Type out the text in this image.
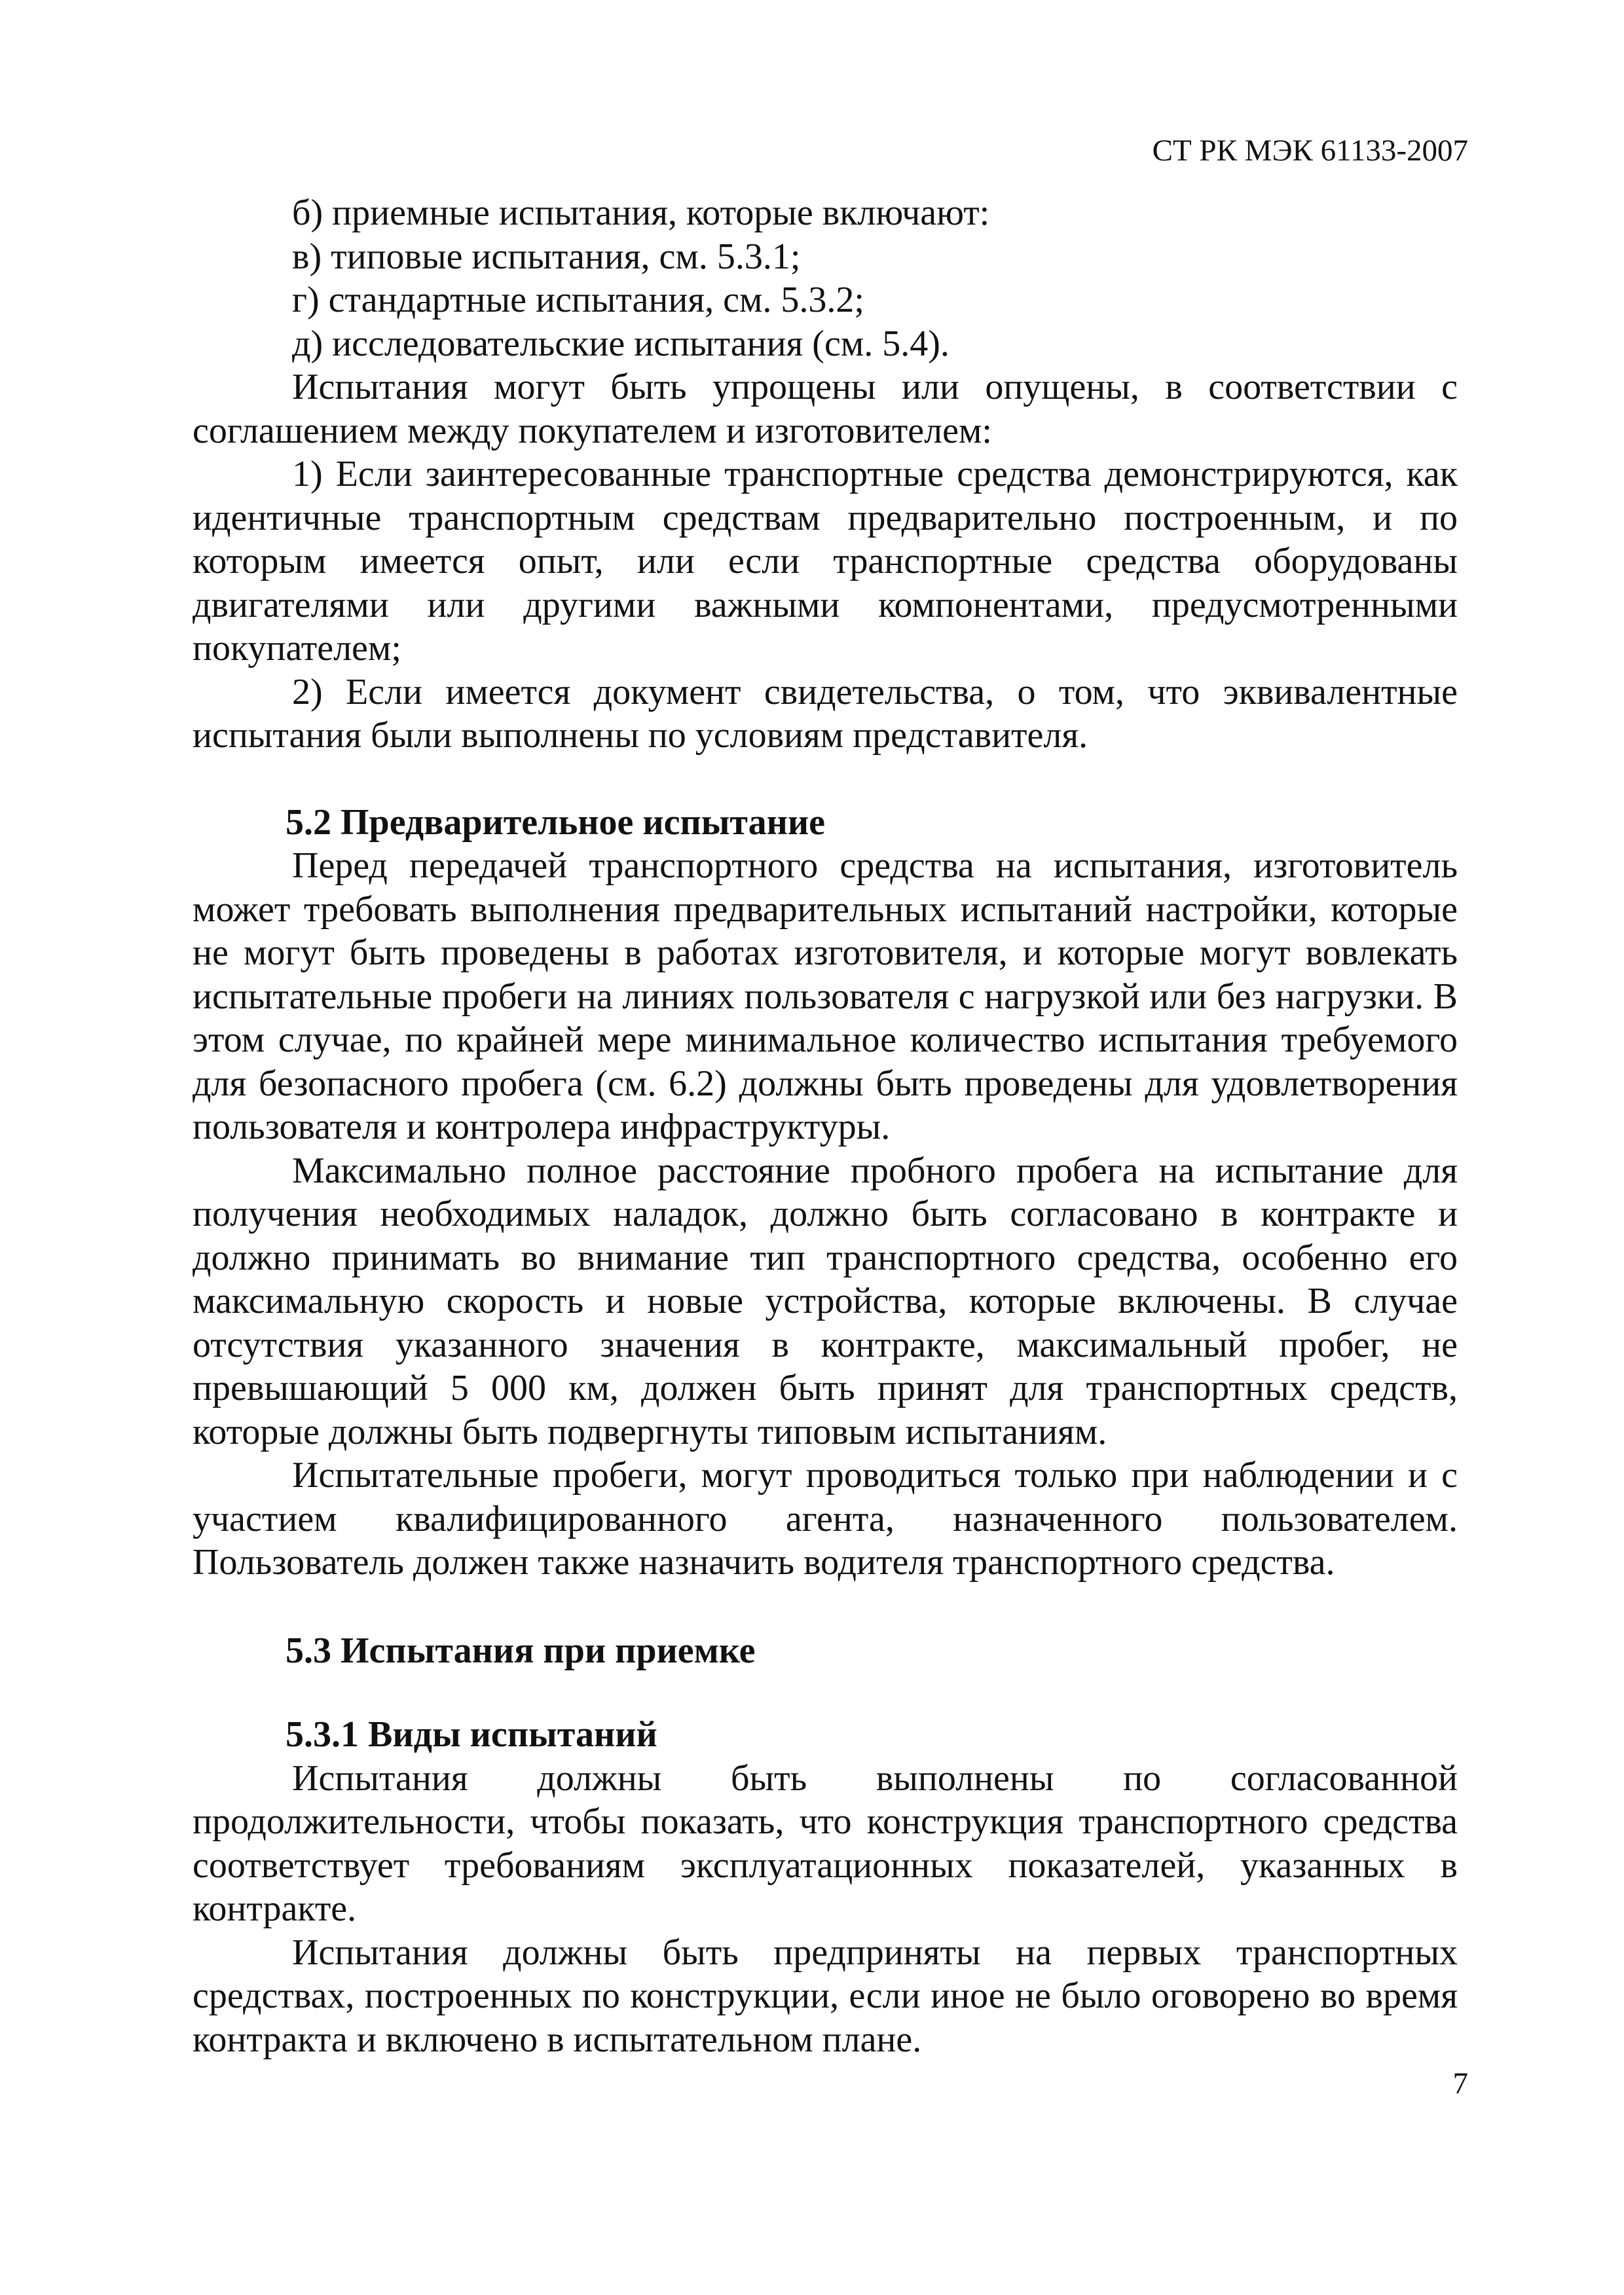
СТ РК МЭК 61133-2007

б) приемные испытания, которые включают:

в) типовые испытания, см. 5.3.1;

г) стандартные испытания, см. 5.3.2;

д) исследовательские испытания (см. 5.4).

Испытания могут быть упрощены или опущены, в соответствии с соглашением между покупателем и изготовителем:

1) Если заинтересованные транспортные средства демонстрируются, как идентичные транспортным средствам предварительно построенным, и по которым имеется опыт, или если транспортные средства оборудованы двигателями или другими важными компонентами, предусмотренными покупателем;

2) Если имеется документ свидетельства, о том, что эквивалентные испытания были выполнены по условиям представителя.

5.2 Предварительное испытание

Перед передачей транспортного средства на испытания, изготовитель может требовать выполнения предварительных испытаний настройки, которые не могут быть проведены в работах изготовителя, и которые могут вовлекать испытательные пробеги на линиях пользователя с нагрузкой или без нагрузки. В этом случае, по крайней мере минимальное количество испытания требуемого для безопасного пробега (см. 6.2) должны быть проведены для удовлетворения пользователя и контролера инфраструктуры.

Максимально полное расстояние пробного пробега на испытание для получения необходимых наладок, должно быть согласовано в контракте и должно принимать во внимание тип транспортного средства, особенно его максимальную скорость и новые устройства, которые включены. В случае отсутствия указанного значения в контракте, максимальный пробег, не превышающий 5 000 км, должен быть принят для транспортных средств, которые должны быть подвергнуты типовым испытаниям.

Испытательные пробеги, могут проводиться только при наблюдении и с участием квалифицированного агента, назначенного пользователем. Пользователь должен также назначить водителя транспортного средства.

5.3 Испытания при приемке
5.3.1 Виды испытаний

Испытания должны быть выполнены по согласованной продолжительности, чтобы показать, что конструкция транспортного средства соответствует требованиям эксплуатационных показателей, указанных в контракте.

Испытания должны быть предприняты на первых транспортных средствах, построенных по конструкции, если иное не было оговорено во время контракта и включено в испытательном плане.

7
